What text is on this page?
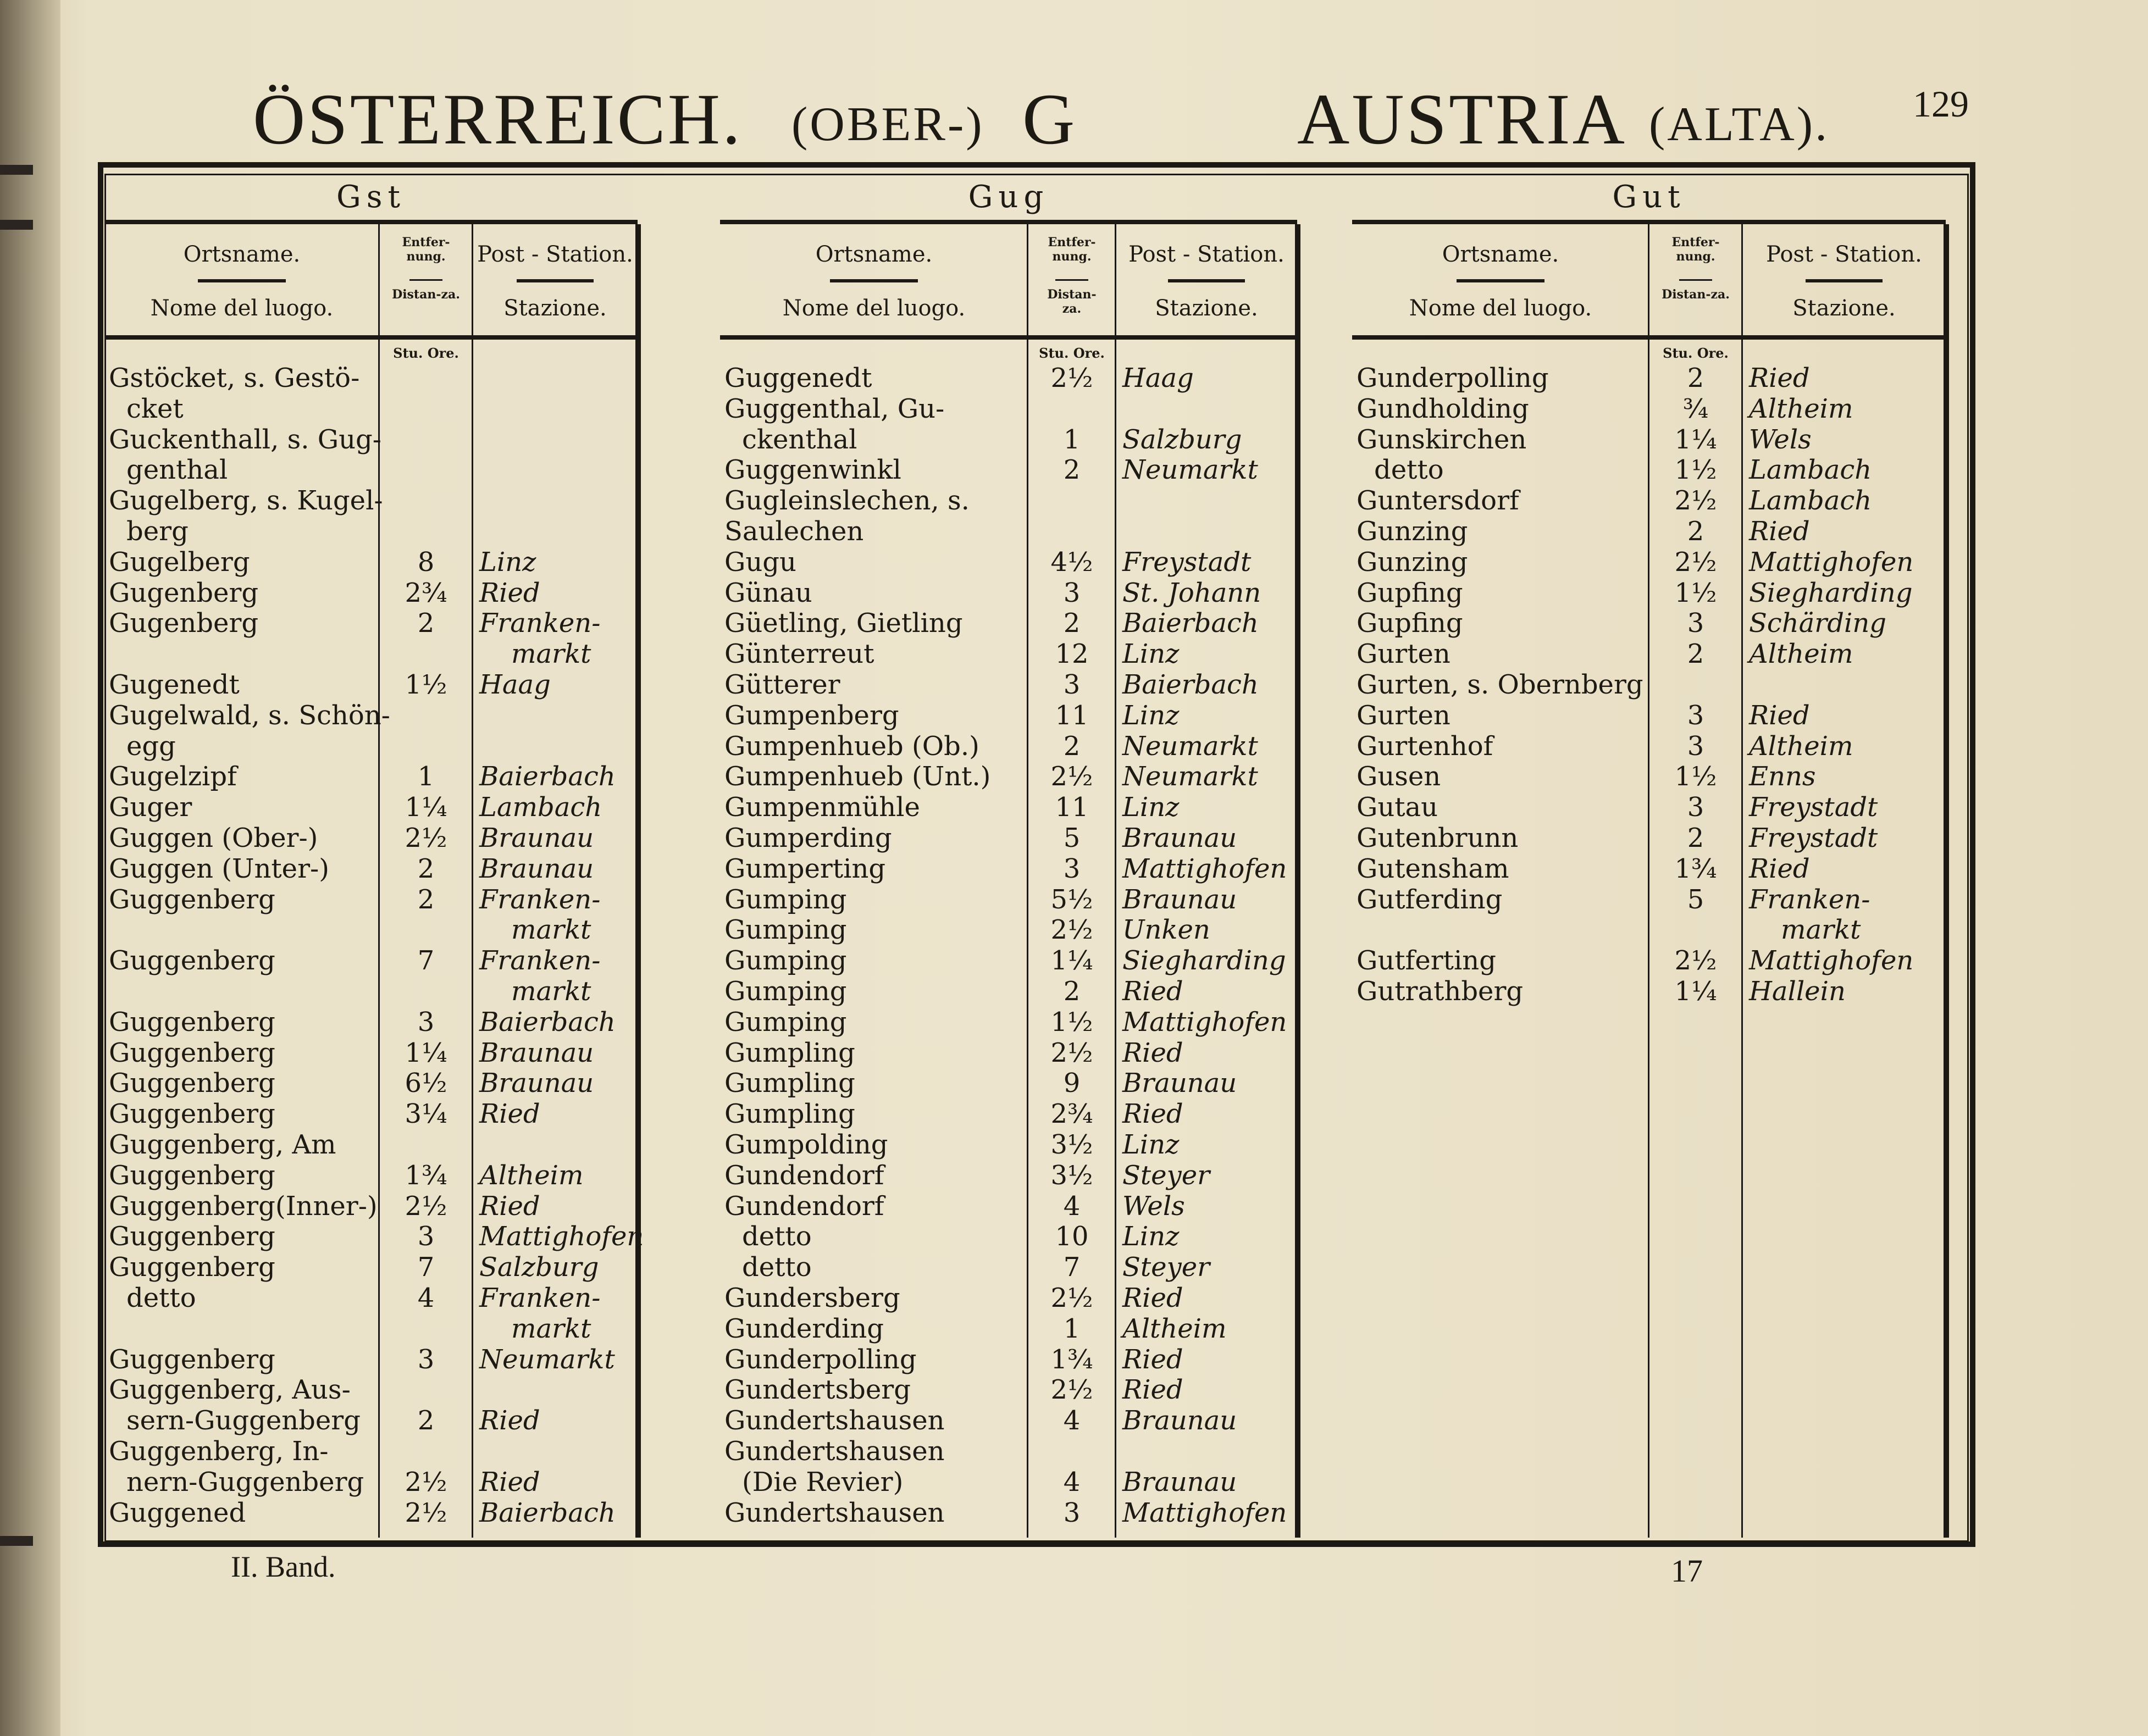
ÖSTERREICH. (OBER-) G	AUSTRIA (ALTA). 129
Gst
Ortsname.
Nome del luogo.
Entfer-nung.
Distan-za.
Post - Station.
Stazione.
Stu. Ore.
Gstöcket, s. Gestö-
cket
Guckenthall, s. Gug-
genthal
Gugelberg, s. Kugel-
berg
Gugelberg	8	Linz
Gugenberg	2¾	Ried
Gugenberg	2	Franken-
markt
Gugenedt	1½	Haag
Gugelwald, s. Schön-
egg
Gugelzipf	1	Baierbach
Guger	1¼	Lambach
Guggen (Ober-)	2½	Braunau
Guggen (Unter-)	2	Braunau
Guggenberg	2	Franken-
markt
Guggenberg	7	Franken-
markt
Guggenberg	3	Baierbach
Guggenberg	1¼	Braunau
Guggenberg	6½	Braunau
Guggenberg	3¼	Ried
Guggenberg, Am
Guggenberg	1¾	Altheim
Guggenberg(Inner-)	2½	Ried
Guggenberg	3	Mattighofen
Guggenberg	7	Salzburg
detto	4	Franken-
markt
Guggenberg	3	Neumarkt
Guggenberg, Aus-
sern-Guggenberg	2	Ried
Guggenberg, In-
nern-Guggenberg	2½	Ried
Guggened	2½	Baierbach
Gug
Ortsname.
Nome del luogo.
Entfer-nung.
Distan-za.
Post - Station.
Stazione.
Stu. Ore.
Guggenedt	2½	Haag
Guggenthal, Gu-
ckenthal	1	Salzburg
Guggenwinkl	2	Neumarkt
Gugleinslechen, s.
Saulechen
Gugu	4½	Freystadt
Günau	3	St. Johann
Güetling, Gietling	2	Baierbach
Günterreut	12	Linz
Gütterer	3	Baierbach
Gumpenberg	11	Linz
Gumpenhueb (Ob.)	2	Neumarkt
Gumpenhueb (Unt.)	2½	Neumarkt
Gumpenmühle	11	Linz
Gumperding	5	Braunau
Gumperting	3	Mattighofen
Gumping	5½	Braunau
Gumping	2½	Unken
Gumping	1¼	Siegharding
Gumping	2	Ried
Gumping	1½	Mattighofen
Gumpling	2½	Ried
Gumpling	9	Braunau
Gumpling	2¾	Ried
Gumpolding	3½	Linz
Gundendorf	3½	Steyer
Gundendorf	4	Wels
detto	10	Linz
detto	7	Steyer
Gundersberg	2½	Ried
Gunderding	1	Altheim
Gunderpolling	1¾	Ried
Gundertsberg	2½	Ried
Gundertshausen	4	Braunau
Gundertshausen
(Die Revier)	4	Braunau
Gundertshausen	3	Mattighofen
Gut
Ortsname.
Nome del luogo.
Entfer-nung.
Distan-za.
Post - Station.
Stazione.
Stu. Ore.
Gunderpolling	2	Ried
Gundholding	¾	Altheim
Gunskirchen	1¼	Wels
detto	1½	Lambach
Guntersdorf	2½	Lambach
Gunzing	2	Ried
Gunzing	2½	Mattighofen
Gupfing	1½	Siegharding
Gupfing	3	Schärding
Gurten	2	Altheim
Gurten, s. Obernberg
Gurten	3	Ried
Gurtenhof	3	Altheim
Gusen	1½	Enns
Gutau	3	Freystadt
Gutenbrunn	2	Freystadt
Gutensham	1¾	Ried
Gutferding	5	Franken-
markt
Gutferting	2½	Mattighofen
Gutrathberg	1¼	Hallein
II. Band.	17
